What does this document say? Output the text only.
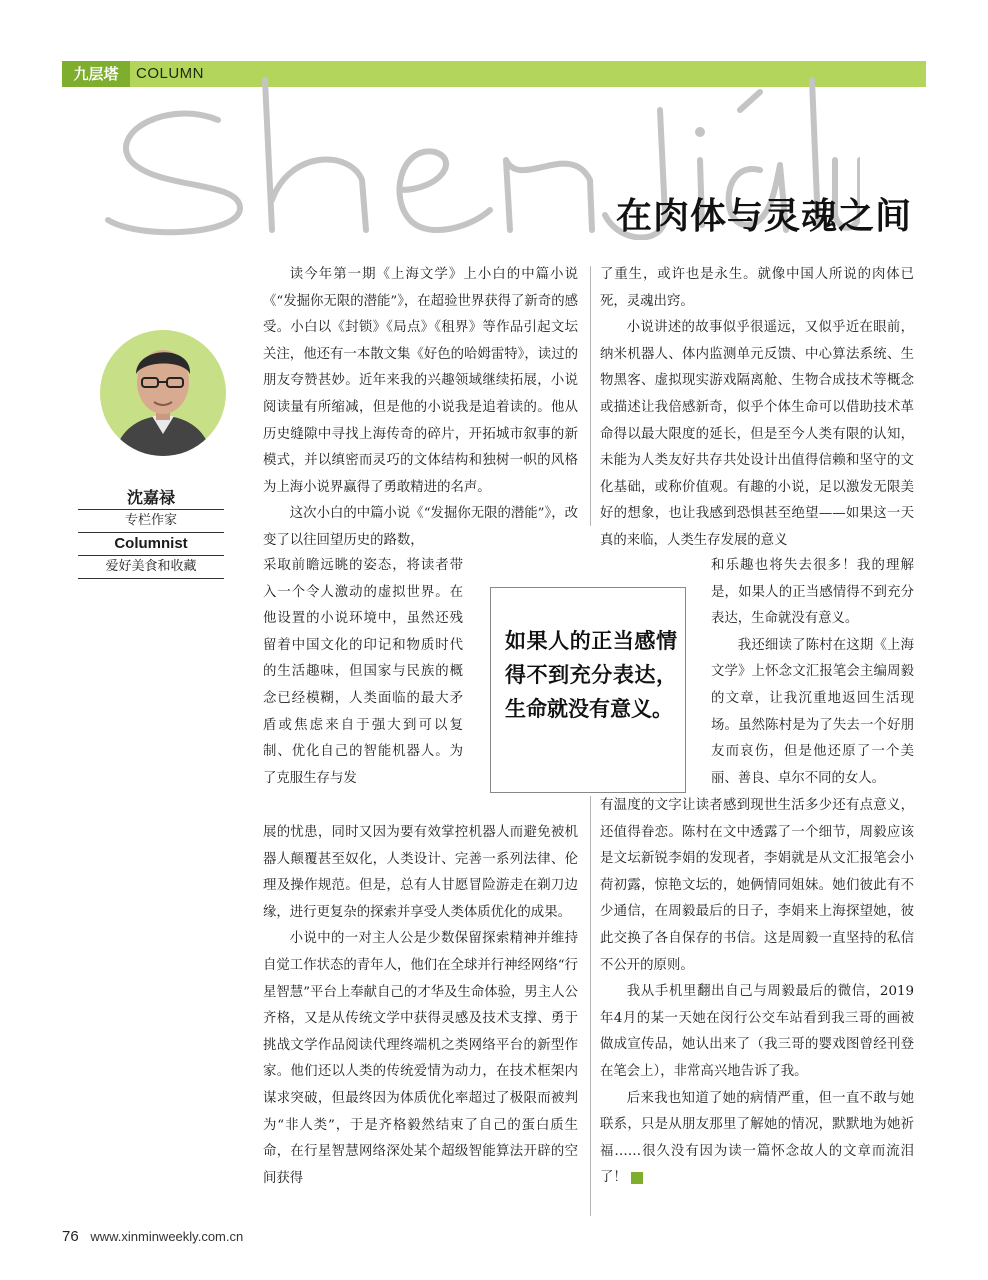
九层塔	COLUMN
在肉体与灵魂之间
沈嘉禄
专栏作家
Columnist
爱好美食和收藏

读今年第一期《上海文学》上小白的中篇小说《“发掘你无限的潜能”》，在超验世界获得了新奇的感受。小白以《封锁》《局点》《租界》等作品引起文坛关注，他还有一本散文集《好色的哈姆雷特》，读过的朋友夸赞甚妙。近年来我的兴趣领域继续拓展，小说阅读量有所缩减，但是他的小说我是追着读的。他从历史缝隙中寻找上海传奇的碎片，开拓城市叙事的新模式，并以缜密而灵巧的文体结构和独树一帜的风格为上海小说界赢得了勇敢精进的名声。

这次小白的中篇小说《“发掘你无限的潜能”》，改变了以往回望历史的路数，

采取前瞻远眺的姿态，将读者带入一个令人激动的虚拟世界。在他设置的小说环境中，虽然还残留着中国文化的印记和物质时代的生活趣味，但国家与民族的概念已经模糊，人类面临的最大矛盾或焦虑来自于强大到可以复制、优化自己的智能机器人。为了克服生存与发

展的忧患，同时又因为要有效掌控机器人而避免被机器人颠覆甚至奴化，人类设计、完善一系列法律、伦理及操作规范。但是，总有人甘愿冒险游走在剃刀边缘，进行更复杂的探索并享受人类体质优化的成果。

小说中的一对主人公是少数保留探索精神并维持自觉工作状态的青年人，他们在全球并行神经网络“行星智慧”平台上奉献自己的才华及生命体验，男主人公齐格，又是从传统文学中获得灵感及技术支撑、勇于挑战文学作品阅读代理终端机之类网络平台的新型作家。他们还以人类的传统爱情为动力，在技术框架内谋求突破，但最终因为体质优化率超过了极限而被判为“非人类”，于是齐格毅然结束了自己的蛋白质生命，在行星智慧网络深处某个超级智能算法开辟的空间获得

了重生，或许也是永生。就像中国人所说的肉体已死，灵魂出窍。

小说讲述的故事似乎很遥远，又似乎近在眼前，纳米机器人、体内监测单元反馈、中心算法系统、生物黑客、虚拟现实游戏隔离舱、生物合成技术等概念或描述让我倍感新奇，似乎个体生命可以借助技术革命得以最大限度的延长，但是至今人类有限的认知，未能为人类友好共存共处设计出值得信赖和坚守的文化基础，或称价值观。有趣的小说，足以激发无限美好的想象，也让我感到恐惧甚至绝望——如果这一天真的来临，人类生存发展的意义

和乐趣也将失去很多！我的理解是，如果人的正当感情得不到充分表达，生命就没有意义。

我还细读了陈村在这期《上海文学》上怀念文汇报笔会主编周毅的文章，让我沉重地返回生活现场。虽然陈村是为了失去一个好朋友而哀伤，但是他还原了一个美丽、善良、卓尔不同的女人。

有温度的文字让读者感到现世生活多少还有点意义，还值得眷恋。陈村在文中透露了一个细节，周毅应该是文坛新锐李娟的发现者，李娟就是从文汇报笔会小荷初露，惊艳文坛的，她俩情同姐妹。她们彼此有不少通信，在周毅最后的日子，李娟来上海探望她，彼此交换了各自保存的书信。这是周毅一直坚持的私信不公开的原则。

我从手机里翻出自己与周毅最后的微信，2019年4月的某一天她在闵行公交车站看到我三哥的画被做成宣传品，她认出来了（我三哥的婴戏图曾经刊登在笔会上），非常高兴地告诉了我。

后来我也知道了她的病情严重，但一直不敢与她联系，只是从朋友那里了解她的情况，默默地为她祈福……很久没有因为读一篇怀念故人的文章而流泪了！	民

如果人的正当感情得不到充分表达，生命就没有意义。
76 www.xinminweekly.com.cn
